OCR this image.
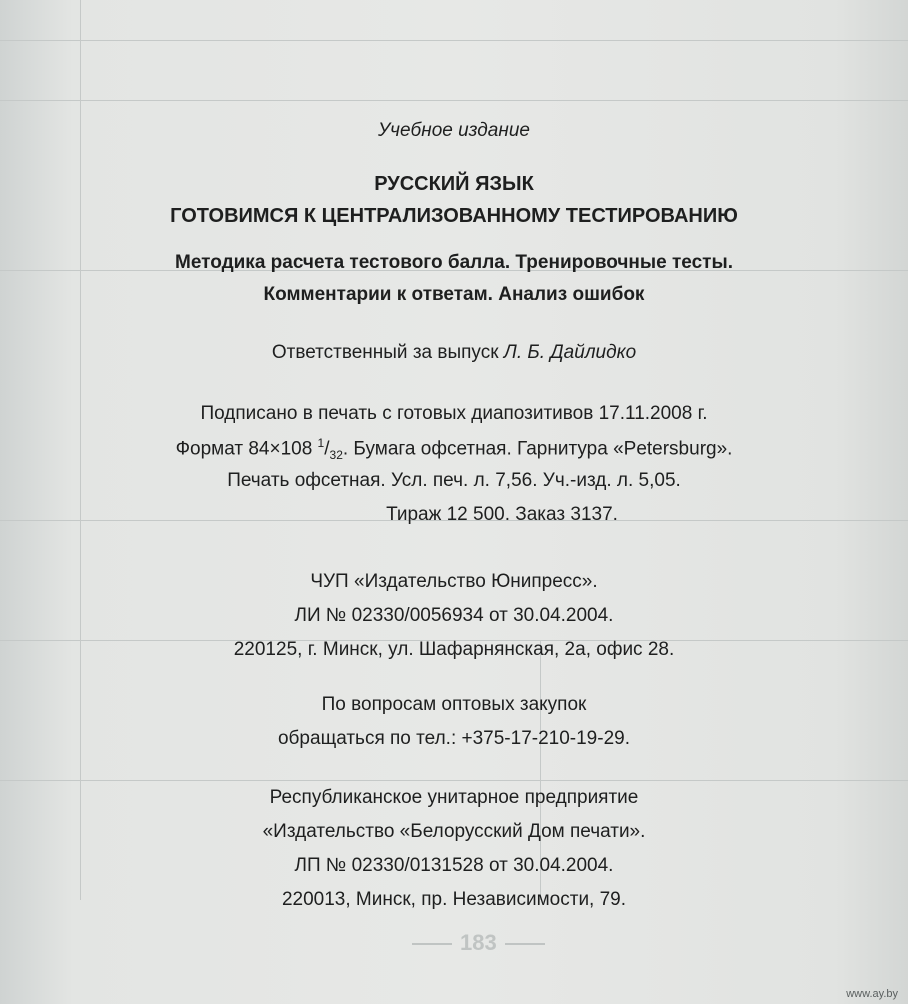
Учебное издание
РУССКИЙ ЯЗЫК
ГОТОВИМСЯ К ЦЕНТРАЛИЗОВАННОМУ ТЕСТИРОВАНИЮ
Методика расчета тестового балла. Тренировочные тесты.
Комментарии к ответам. Анализ ошибок
Ответственный за выпуск Л. Б. Дайлидко
Подписано в печать с готовых диапозитивов 17.11.2008 г.
Формат 84×108 $^1/_{32}$. Бумага офсетная. Гарнитура «Petersburg».
Печать офсетная. Усл. печ. л. 7,56. Уч.-изд. л. 5,05.
Тираж 12 500. Заказ 3137.
ЧУП «Издательство Юнипресс».
ЛИ № 02330/0056934 от 30.04.2004.
220125, г. Минск, ул. Шафарнянская, 2а, офис 28.
По вопросам оптовых закупок
обращаться по тел.: +375-17-210-19-29.
Республиканское унитарное предприятие
«Издательство «Белорусский Дом печати».
ЛП № 02330/0131528 от 30.04.2004.
220013, Минск, пр. Независимости, 79.
183
www.ay.by
